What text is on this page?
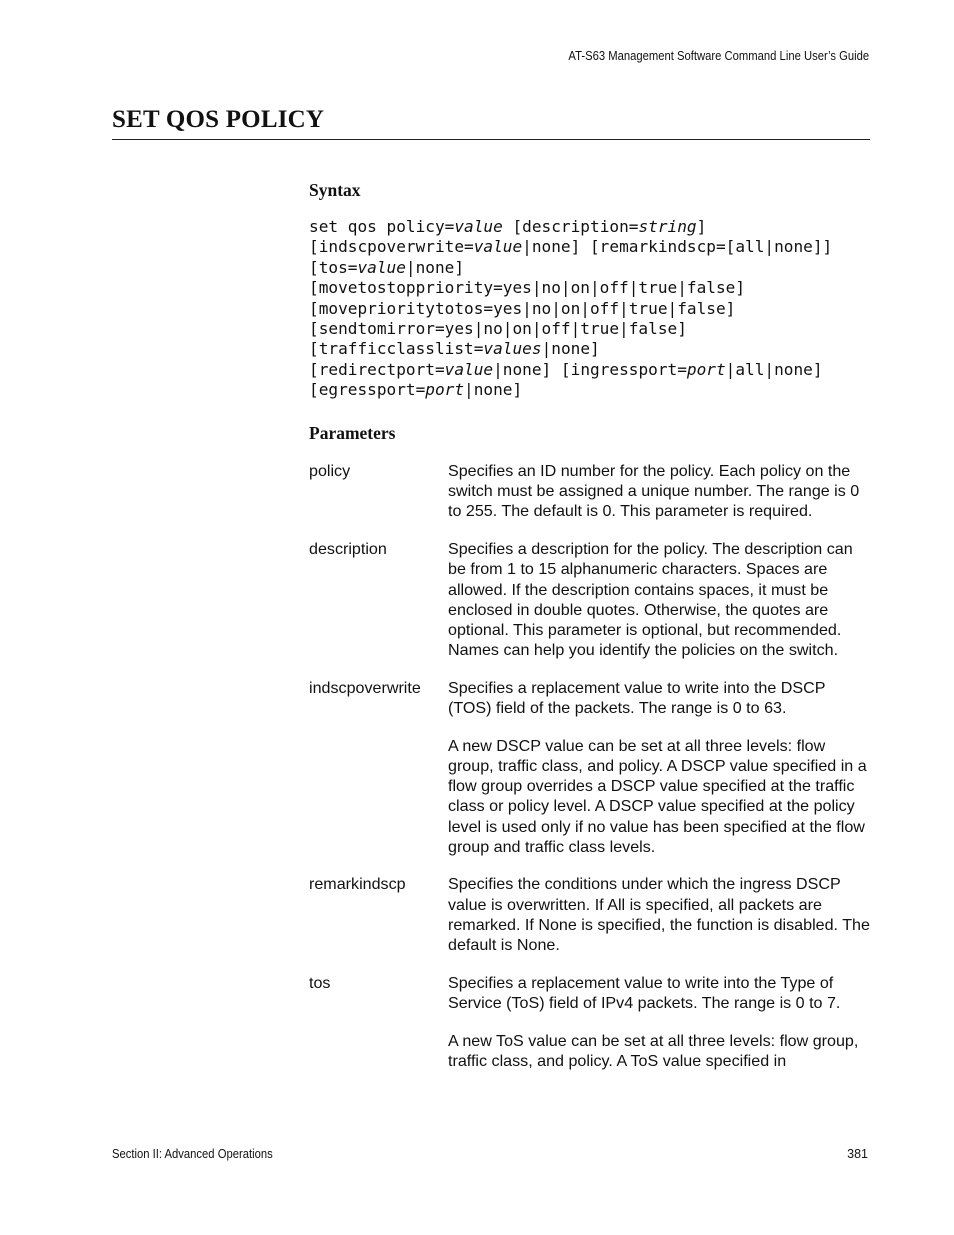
AT-S63 Management Software Command Line User’s Guide
SET QOS POLICY
Syntax
set qos policy=value [description=string]
[indscpoverwrite=value|none] [remarkindscp=[all|none]]
[tos=value|none]
[movetostoppriority=yes|no|on|off|true|false]
[moveprioritytotos=yes|no|on|off|true|false]
[sendtomirror=yes|no|on|off|true|false]
[trafficclasslist=values|none]
[redirectport=value|none] [ingressport=port|all|none]
[egressport=port|none]
Parameters
policy	Specifies an ID number for the policy. Each policy on the switch must be assigned a unique number. The range is 0 to 255. The default is 0. This parameter is required.

description	Specifies a description for the policy. The description can be from 1 to 15 alphanumeric characters. Spaces are allowed. If the description contains spaces, it must be enclosed in double quotes. Otherwise, the quotes are optional. This parameter is optional, but recommended. Names can help you identify the policies on the switch.

indscpoverwrite	Specifies a replacement value to write into the DSCP (TOS) field of the packets. The range is 0 to 63.

A new DSCP value can be set at all three levels: flow group, traffic class, and policy. A DSCP value specified in a flow group overrides a DSCP value specified at the traffic class or policy level. A DSCP value specified at the policy level is used only if no value has been specified at the flow group and traffic class levels.

remarkindscp	Specifies the conditions under which the ingress DSCP value is overwritten. If All is specified, all packets are remarked. If None is specified, the function is disabled. The default is None.

tos	Specifies a replacement value to write into the Type of Service (ToS) field of IPv4 packets. The range is 0 to 7.

A new ToS value can be set at all three levels: flow group, traffic class, and policy. A ToS value specified in

Section II: Advanced Operations	381
